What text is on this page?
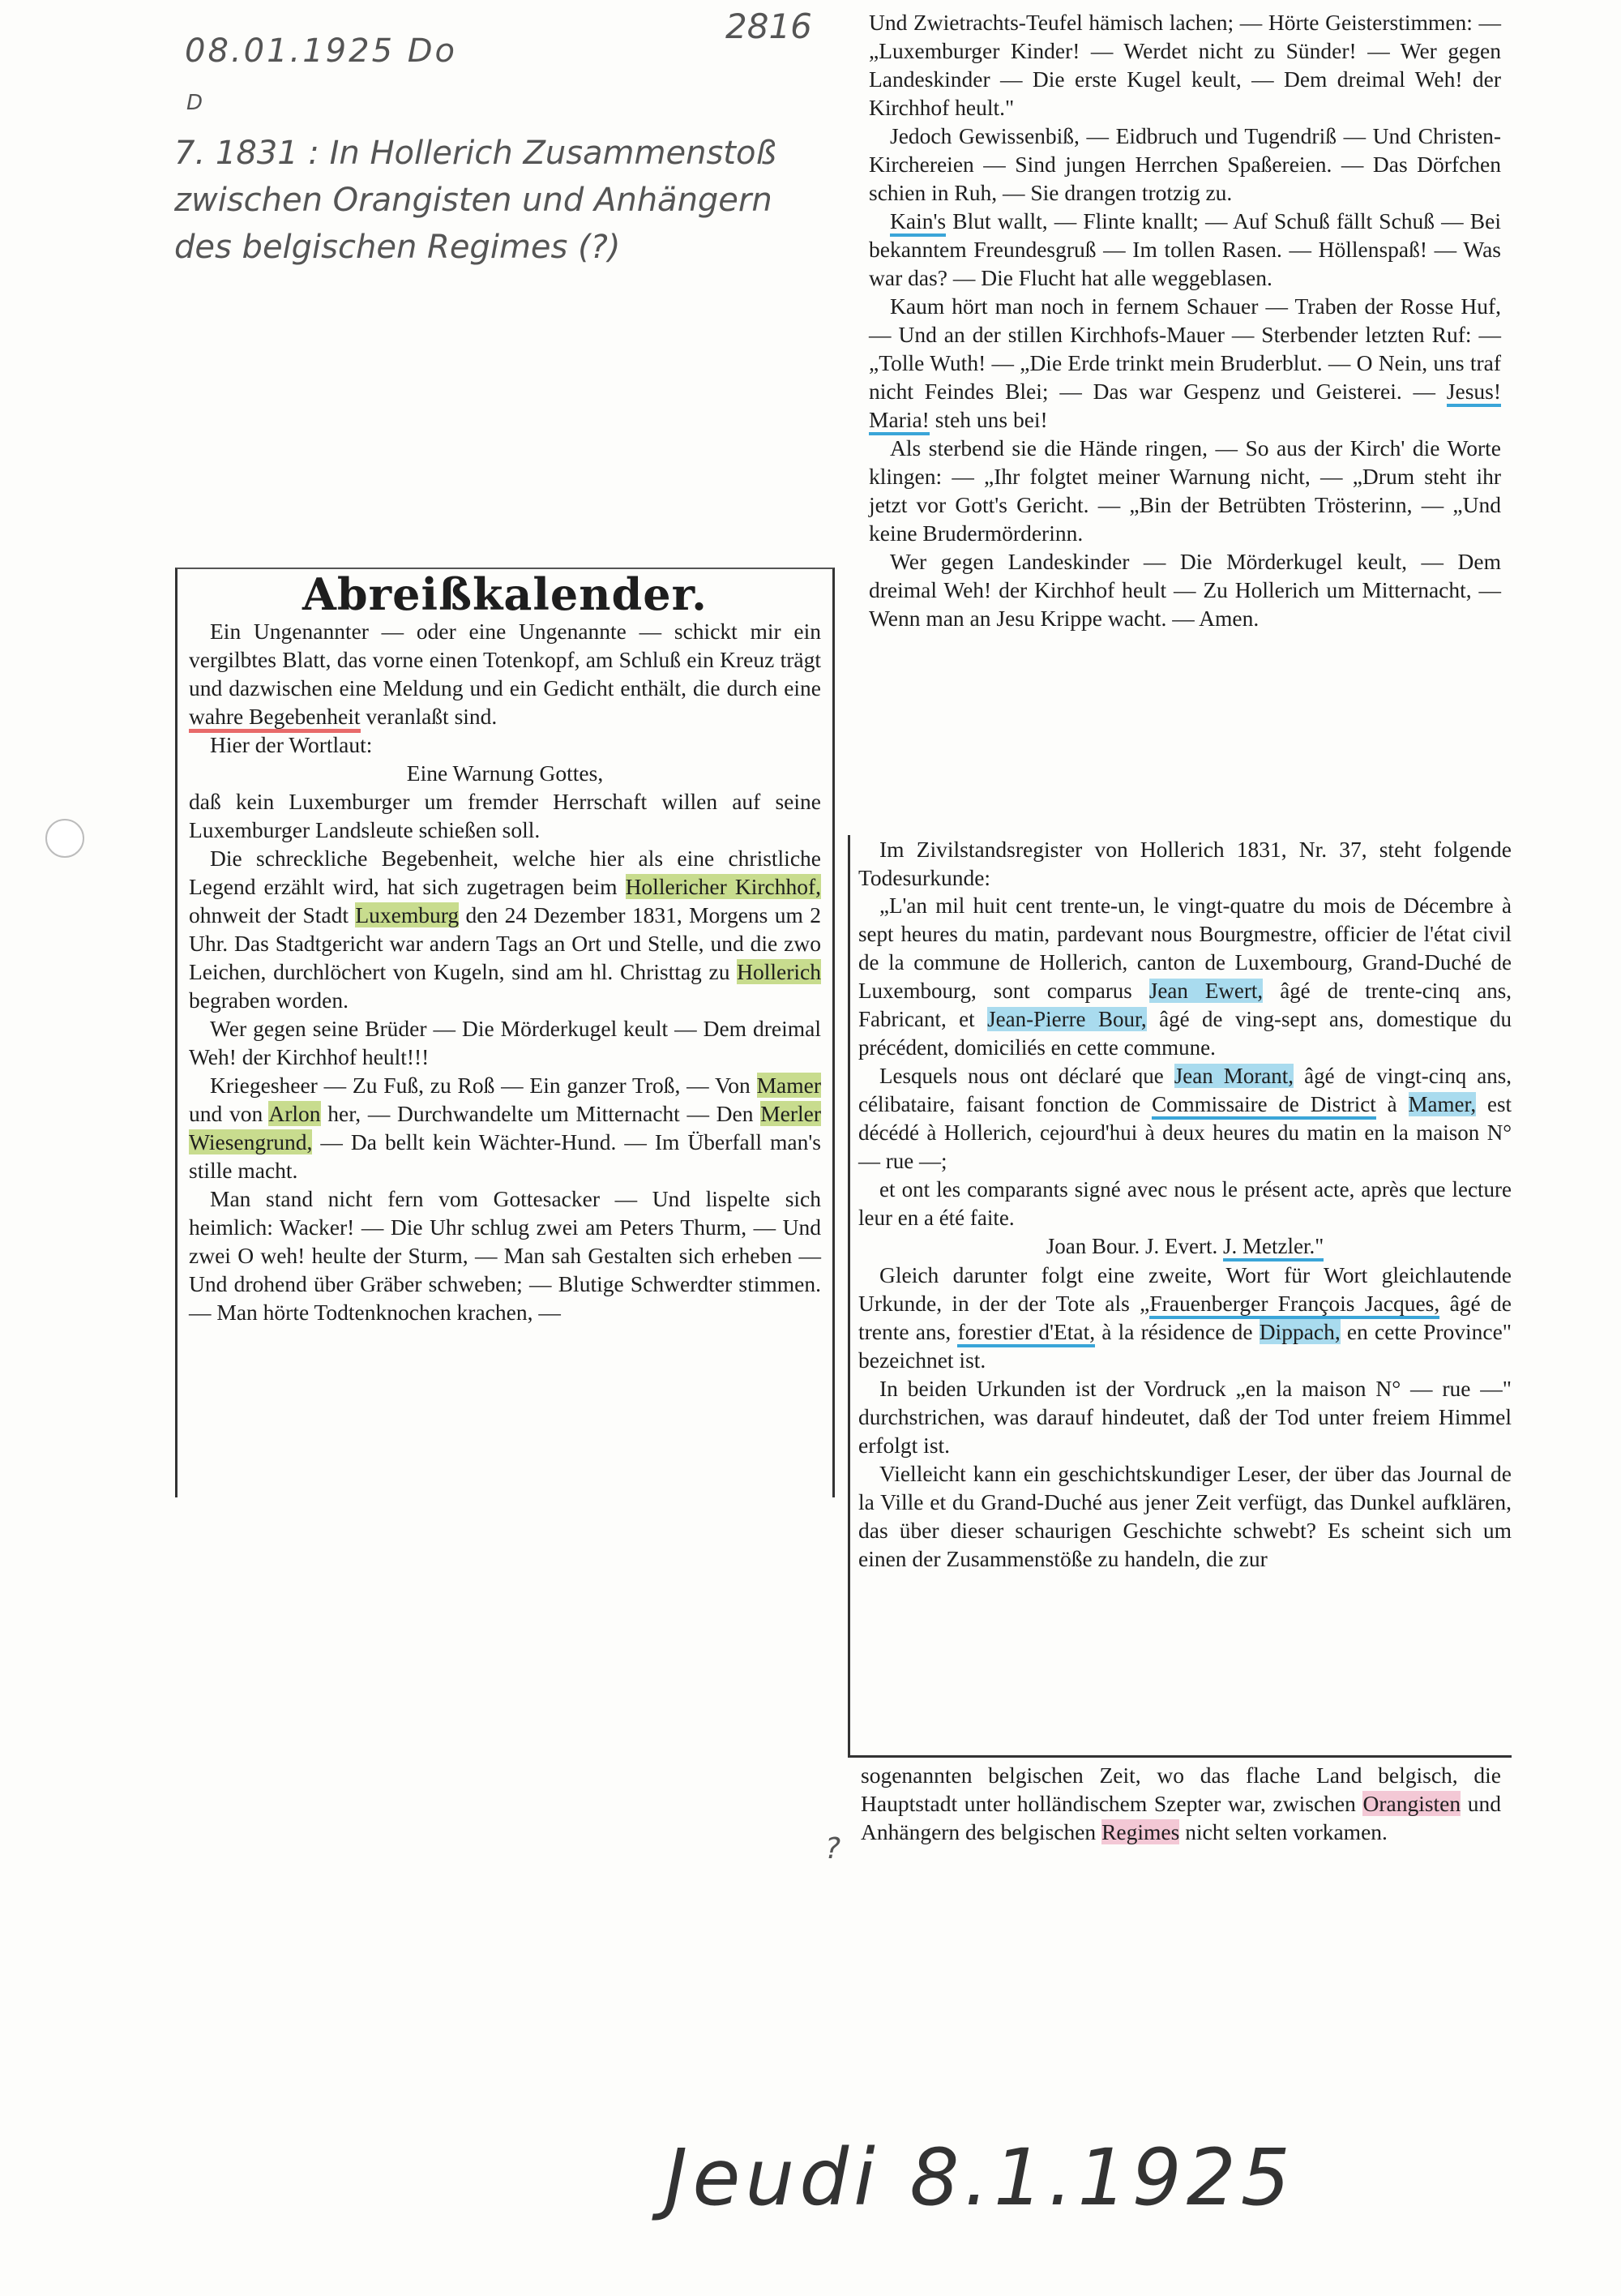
08.01.1925 Do
D
2816
7. 1831 : In Hollerich Zusammenstoß zwischen Orangisten und Anhängern des belgischen Regimes (?)
?
Jeudi 8.1.1925

Abreißkalender.

Ein Ungenannter — oder eine Ungenannte — schickt mir ein vergilbtes Blatt, das vorne einen Totenkopf, am Schluß ein Kreuz trägt und dazwischen eine Meldung und ein Gedicht enthält, die durch eine wahre Begebenheit veranlaßt sind.

Hier der Wortlaut:

Eine Warnung Gottes,

daß kein Luxemburger um fremder Herrschaft willen auf seine Luxemburger Landsleute schießen soll.

Die schreckliche Begebenheit, welche hier als eine christliche Legend erzählt wird, hat sich zugetragen beim Hollericher Kirchhof, ohnweit der Stadt Luxemburg den 24 Dezember 1831, Morgens um 2 Uhr. Das Stadtgericht war andern Tags an Ort und Stelle, und die zwo Leichen, durchlöchert von Kugeln, sind am hl. Christtag zu Hollerich begraben worden.

Wer gegen seine Brüder — Die Mörderkugel keult — Dem dreimal Weh! der Kirchhof heult!!!

Kriegesheer — Zu Fuß, zu Roß — Ein ganzer Troß, — Von Mamer und von Arlon her, — Durchwandelte um Mitternacht — Den Merler Wiesengrund, — Da bellt kein Wächter-Hund. — Im Überfall man's stille macht.

Man stand nicht fern vom Gottesacker — Und lispelte sich heimlich: Wacker! — Die Uhr schlug zwei am Peters Thurm, — Und zwei O weh! heulte der Sturm, — Man sah Gestalten sich erheben — Und drohend über Gräber schweben; — Blutige Schwerdter stimmen. — Man hörte Todtenknochen krachen, —

Und Zwietrachts-Teufel hämisch lachen; — Hörte Geisterstimmen: — „Luxemburger Kinder! — Werdet nicht zu Sünder! — Wer gegen Landeskinder — Die erste Kugel keult, — Dem dreimal Weh! der Kirchhof heult."

Jedoch Gewissenbiß, — Eidbruch und Tugendriß — Und Christen-Kirchereien — Sind jungen Herrchen Spaßereien. — Das Dörfchen schien in Ruh, — Sie drangen trotzig zu.

Kain's Blut wallt, — Flinte knallt; — Auf Schuß fällt Schuß — Bei bekanntem Freundesgruß — Im tollen Rasen. — Höllenspaß! — Was war das? — Die Flucht hat alle weggeblasen.

Kaum hört man noch in fernem Schauer — Traben der Rosse Huf, — Und an der stillen Kirchhofs-Mauer — Sterbender letzten Ruf: — „Tolle Wuth! — „Die Erde trinkt mein Bruderblut. — O Nein, uns traf nicht Feindes Blei; — Das war Gespenz und Geisterei. — Jesus! Maria! steh uns bei!

Als sterbend sie die Hände ringen, — So aus der Kirch' die Worte klingen: — „Ihr folgtet meiner Warnung nicht, — „Drum steht ihr jetzt vor Gott's Gericht. — „Bin der Betrübten Trösterinn, — „Und keine Brudermörderinn.

Wer gegen Landeskinder — Die Mörderkugel keult, — Dem dreimal Weh! der Kirchhof heult — Zu Hollerich um Mitternacht, — Wenn man an Jesu Krippe wacht. — Amen.

Im Zivilstandsregister von Hollerich 1831, Nr. 37, steht folgende Todesurkunde:

„L'an mil huit cent trente-un, le vingt-quatre du mois de Décembre à sept heures du matin, pardevant nous Bourgmestre, officier de l'état civil de la commune de Hollerich, canton de Luxembourg, Grand-Duché de Luxembourg, sont comparus Jean Ewert, âgé de trente-cinq ans, Fabricant, et Jean-Pierre Bour, âgé de ving-sept ans, domestique du précédent, domiciliés en cette commune.

Lesquels nous ont déclaré que Jean Morant, âgé de vingt-cinq ans, célibataire, faisant fonction de Commissaire de District à Mamer, est décédé à Hollerich, cejourd'hui à deux heures du matin en la maison N° — rue —;

et ont les comparants signé avec nous le présent acte, après que lecture leur en a été faite.

Joan Bour. J. Evert. J. Metzler."

Gleich darunter folgt eine zweite, Wort für Wort gleichlautende Urkunde, in der der Tote als „Frauenberger François Jacques, âgé de trente ans, forestier d'Etat, à la résidence de Dippach, en cette Province" bezeichnet ist.

In beiden Urkunden ist der Vordruck „en la maison N° — rue —" durchstrichen, was darauf hindeutet, daß der Tod unter freiem Himmel erfolgt ist.

Vielleicht kann ein geschichtskundiger Leser, der über das Journal de la Ville et du Grand-Duché aus jener Zeit verfügt, das Dunkel aufklären, das über dieser schaurigen Geschichte schwebt? Es scheint sich um einen der Zusammenstöße zu handeln, die zur

sogenannten belgischen Zeit, wo das flache Land belgisch, die Hauptstadt unter holländischem Szepter war, zwischen Orangisten und Anhängern des belgischen Regimes nicht selten vorkamen.
